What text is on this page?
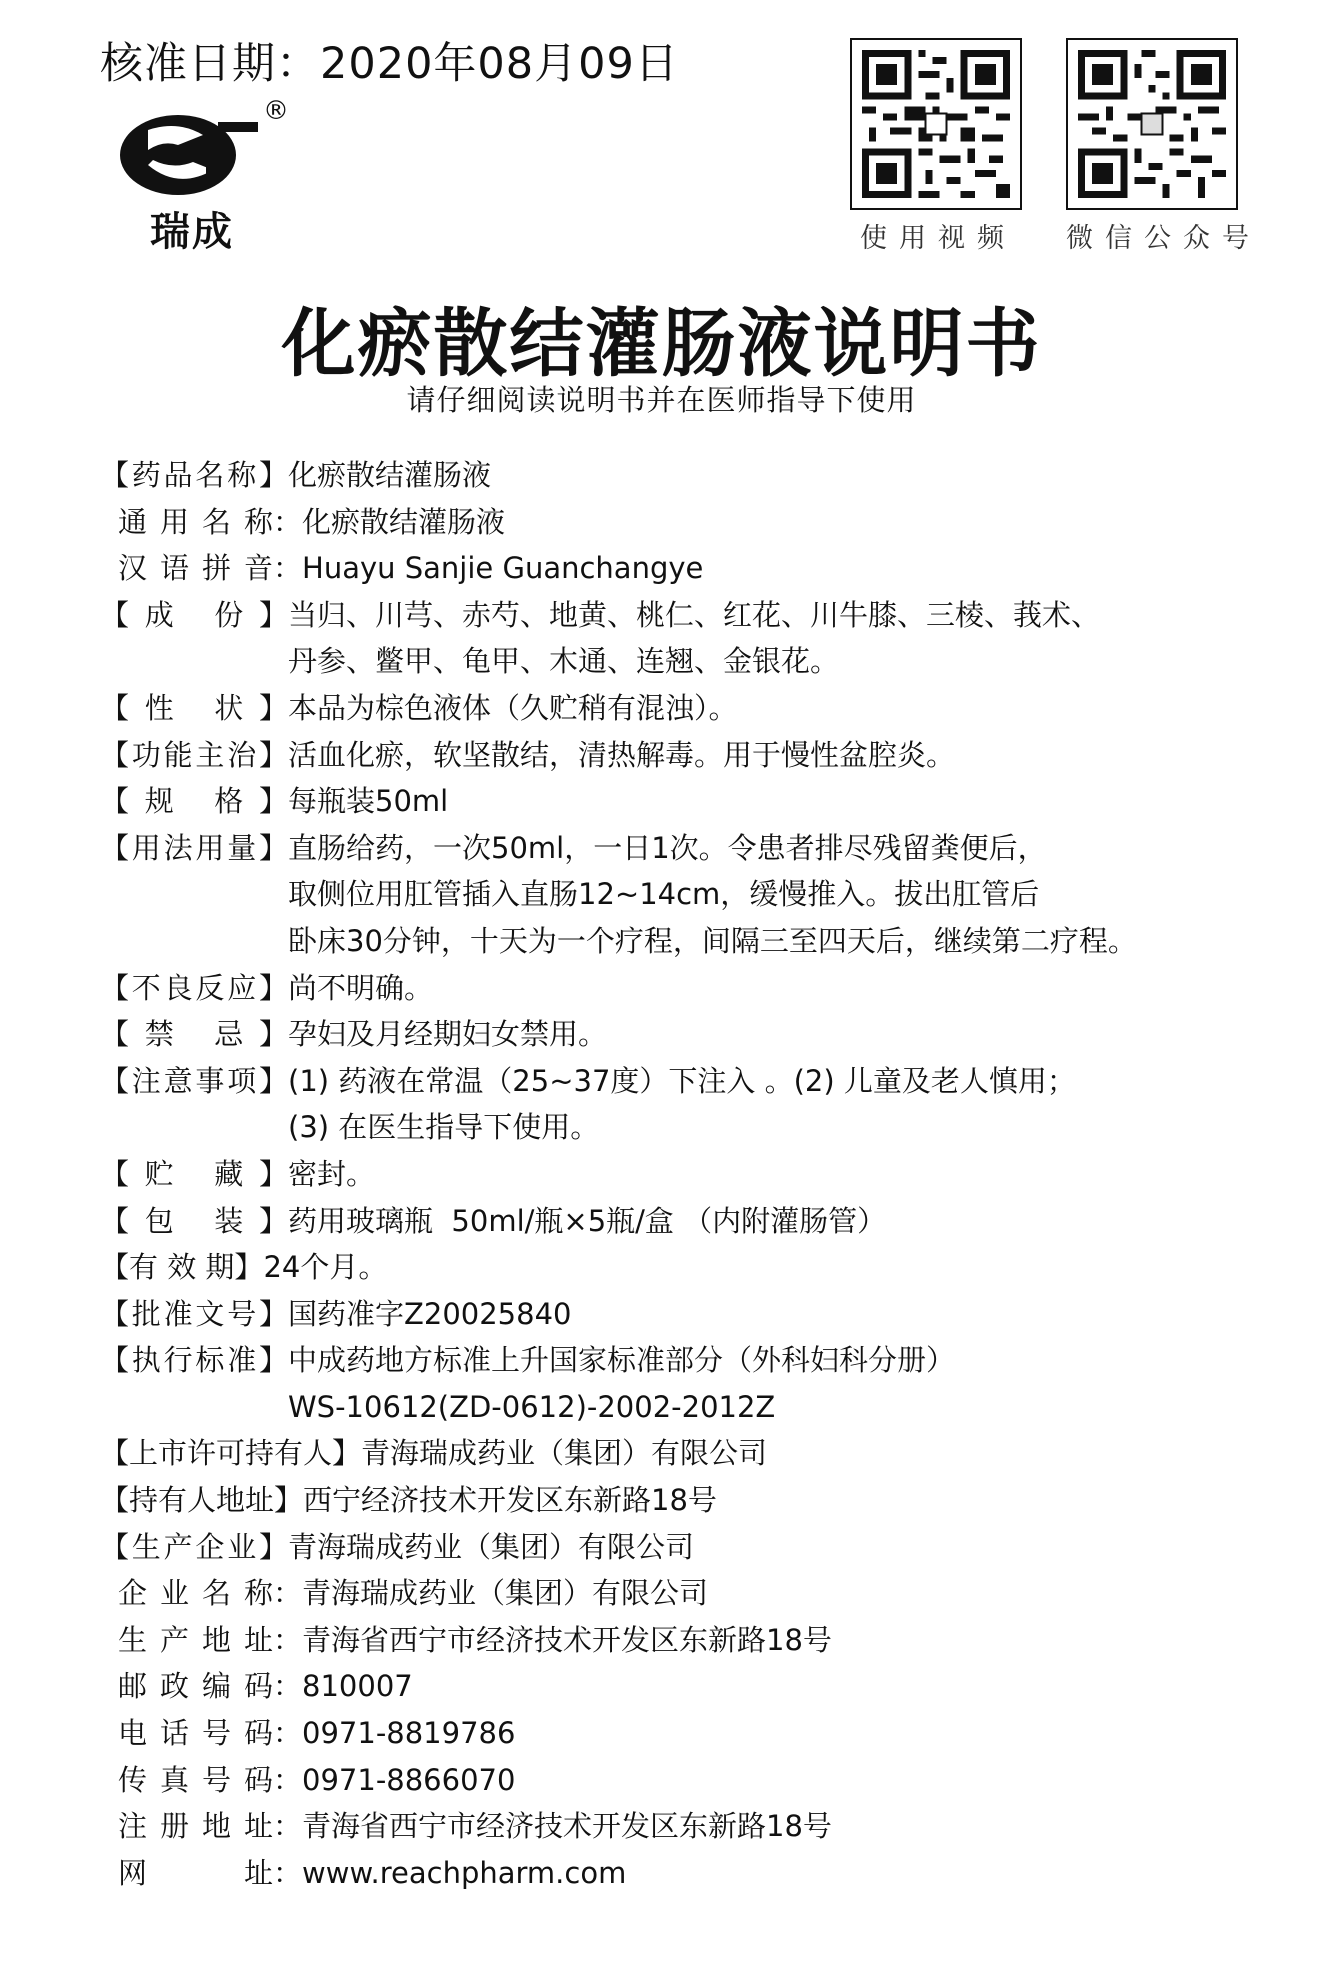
核准日期：2020年08月09日
®
瑞成	使用视频	微信公众号
化瘀散结灌肠液说明书
请仔细阅读说明书并在医师指导下使用
【药品名称】 化瘀散结灌肠液
通用名称 ： 化瘀散结灌肠液
汉语拼音 ： Huayu Sanjie Guanchangye
【成 份】 当归、川芎、赤芍、地黄、桃仁、红花、川牛膝、三棱、莪术、
丹参、鳖甲、龟甲、木通、连翘、金银花。
【性 状】 本品为棕色液体（久贮稍有混浊）。
【功能主治】 活血化瘀，软坚散结，清热解毒。用于慢性盆腔炎。
【规 格】 每瓶装50ml
【用法用量】 直肠给药，一次50ml，一日1次。令患者排尽残留粪便后，
取侧位用肛管插入直肠12~14cm，缓慢推入。拔出肛管后
卧床30分钟，十天为一个疗程，间隔三至四天后，继续第二疗程。
【不良反应】 尚不明确。
【禁 忌】 孕妇及月经期妇女禁用。
【注意事项】 (1) 药液在常温（25~37度）下注入 。(2) 儿童及老人慎用；
(3) 在医生指导下使用。
【贮 藏】 密封。
【包 装】 药用玻璃瓶  50ml/瓶×5瓶/盒 （内附灌肠管）
【有 效 期】 24个月。
【批准文号】 国药准字Z20025840
【执行标准】 中成药地方标准上升国家标准部分（外科妇科分册）
WS-10612(ZD-0612)-2002-2012Z
【上市许可持有人】 青海瑞成药业（集团）有限公司
【持有人地址】 西宁经济技术开发区东新路18号
【生产企业】 青海瑞成药业（集团）有限公司
企业名称 ： 青海瑞成药业（集团）有限公司
生产地址 ： 青海省西宁市经济技术开发区东新路18号
邮政编码 ： 810007
电话号码 ： 0971-8819786
传真号码 ： 0971-8866070
注册地址 ： 青海省西宁市经济技术开发区东新路18号
网址 ： www.reachpharm.com
